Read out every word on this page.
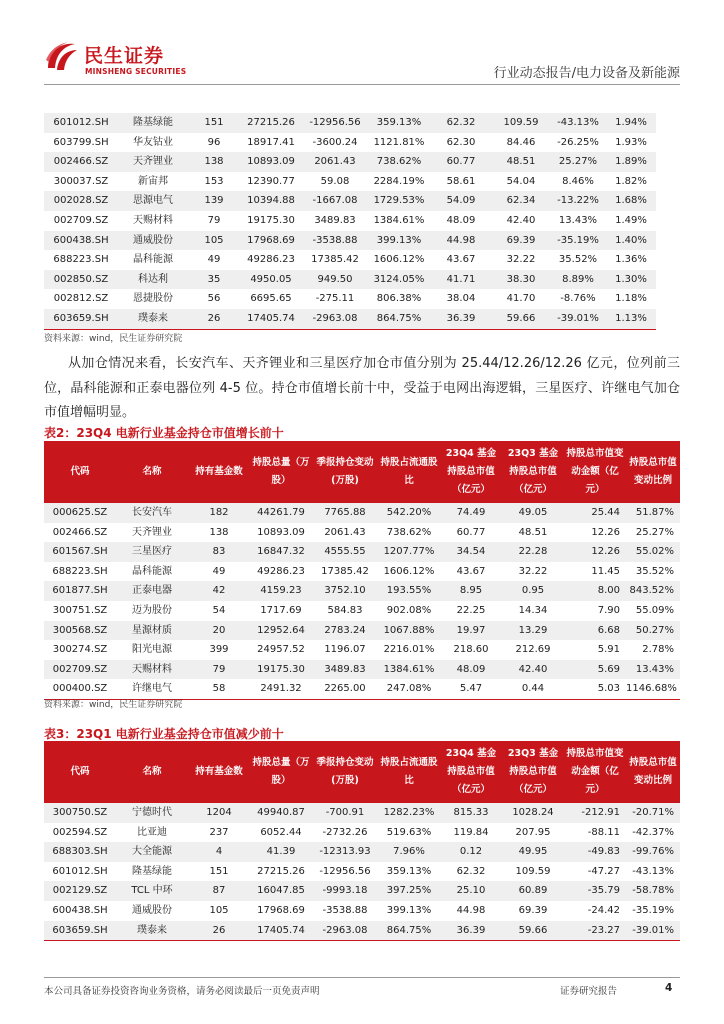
民生证券
MINSHENG SECURITIES	行业动态报告/电力设备及新能源
601012.SH	隆基绿能	151	27215.26	-12956.56	359.13%	62.32	109.59	-43.13%	1.94%
603799.SH	华友钴业	96	18917.41	-3600.24	1121.81%	62.30	84.46	-26.25%	1.93%
002466.SZ	天齐锂业	138	10893.09	2061.43	738.62%	60.77	48.51	25.27%	1.89%
300037.SZ	新宙邦	153	12390.77	59.08	2284.19%	58.61	54.04	8.46%	1.82%
002028.SZ	思源电气	139	10394.88	-1667.08	1729.53%	54.09	62.34	-13.22%	1.68%
002709.SZ	天赐材料	79	19175.30	3489.83	1384.61%	48.09	42.40	13.43%	1.49%
600438.SH	通威股份	105	17968.69	-3538.88	399.13%	44.98	69.39	-35.19%	1.40%
688223.SH	晶科能源	49	49286.23	17385.42	1606.12%	43.67	32.22	35.52%	1.36%
002850.SZ	科达利	35	4950.05	949.50	3124.05%	41.71	38.30	8.89%	1.30%
002812.SZ	恩捷股份	56	6695.65	-275.11	806.38%	38.04	41.70	-8.76%	1.18%
603659.SH	璞泰来	26	17405.74	-2963.08	864.75%	36.39	59.66	-39.01%	1.13%
资料来源：wind，民生证券研究院
从加仓情况来看，长安汽车、天齐锂业和三星医疗加仓市值分别为 25.44/12.26/12.26 亿元，位列前三位，晶科能源和正泰电器位列 4-5 位。持仓市值增长前十中，受益于电网出海逻辑，三星医疗、许继电气加仓市值增幅明显。
表2：23Q4 电新行业基金持仓市值增长前十
代码	名称	持有基金数	持股总量（万股）	季报持仓变动(万股)	持股占流通股比	23Q4 基金持股总市值（亿元）	23Q3 基金持股总市值（亿元）	持股总市值变动金额（亿元）	持股总市值变动比例
000625.SZ	长安汽车	182	44261.79	7765.88	542.20%	74.49	49.05	25.44	51.87%
002466.SZ	天齐锂业	138	10893.09	2061.43	738.62%	60.77	48.51	12.26	25.27%
601567.SH	三星医疗	83	16847.32	4555.55	1207.77%	34.54	22.28	12.26	55.02%
688223.SH	晶科能源	49	49286.23	17385.42	1606.12%	43.67	32.22	11.45	35.52%
601877.SH	正泰电器	42	4159.23	3752.10	193.55%	8.95	0.95	8.00	843.52%
300751.SZ	迈为股份	54	1717.69	584.83	902.08%	22.25	14.34	7.90	55.09%
300568.SZ	星源材质	20	12952.64	2783.24	1067.88%	19.97	13.29	6.68	50.27%
300274.SZ	阳光电源	399	24957.52	1196.07	2216.01%	218.60	212.69	5.91	2.78%
002709.SZ	天赐材料	79	19175.30	3489.83	1384.61%	48.09	42.40	5.69	13.43%
000400.SZ	许继电气	58	2491.32	2265.00	247.08%	5.47	0.44	5.03	1146.68%
资料来源：wind，民生证券研究院
表3：23Q1 电新行业基金持仓市值减少前十
代码	名称	持有基金数	持股总量（万股）	季报持仓变动(万股)	持股占流通股比	23Q4 基金持股总市值（亿元）	23Q3 基金持股总市值（亿元）	持股总市值变动金额（亿元）	持股总市值变动比例
300750.SZ	宁德时代	1204	49940.87	-700.91	1282.23%	815.33	1028.24	-212.91	-20.71%
002594.SZ	比亚迪	237	6052.44	-2732.26	519.63%	119.84	207.95	-88.11	-42.37%
688303.SH	大全能源	4	41.39	-12313.93	7.96%	0.12	49.95	-49.83	-99.76%
601012.SH	隆基绿能	151	27215.26	-12956.56	359.13%	62.32	109.59	-47.27	-43.13%
002129.SZ	TCL 中环	87	16047.85	-9993.18	397.25%	25.10	60.89	-35.79	-58.78%
600438.SH	通威股份	105	17968.69	-3538.88	399.13%	44.98	69.39	-24.42	-35.19%
603659.SH	璞泰来	26	17405.74	-2963.08	864.75%	36.39	59.66	-23.27	-39.01%
本公司具备证券投资咨询业务资格，请务必阅读最后一页免责声明	证券研究报告	4
